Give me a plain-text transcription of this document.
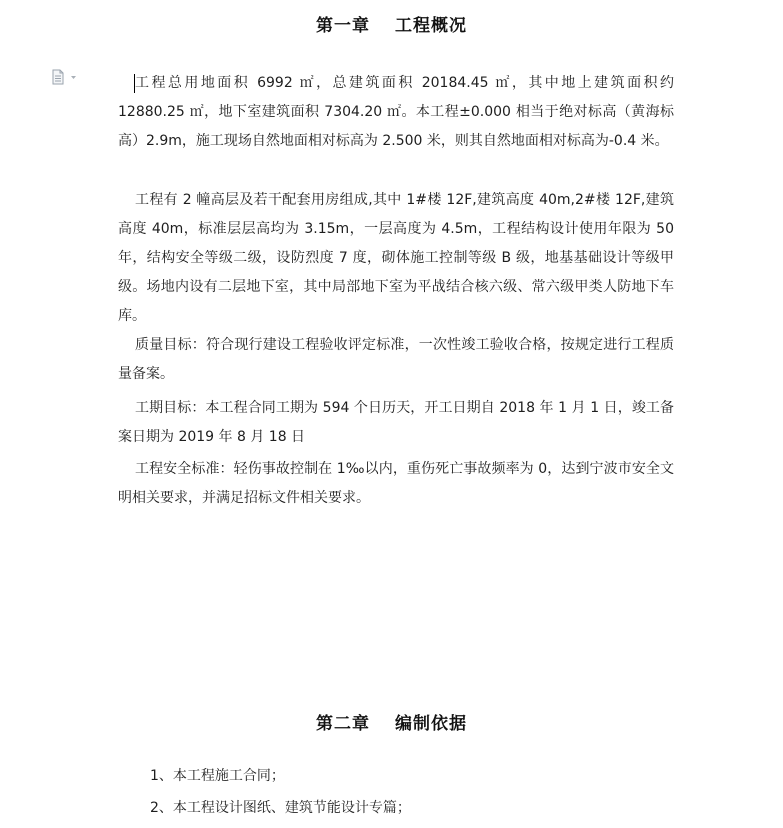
第一章　 工程概况

工程总用地面积 6992 ㎡，总建筑面积 20184.45 ㎡，其中地上建筑面积约 12880.25 ㎡，地下室建筑面积 7304.20 ㎡。本工程±0.000 相当于绝对标高（黄海标高）2.9m，施工现场自然地面相对标高为 2.500 米，则其自然地面相对标高为-0.4 米。

工程有 2 幢高层及若干配套用房组成,其中 1#楼 12F,建筑高度 40m,2#楼 12F,建筑高度 40m，标准层层高均为 3.15m，一层高度为 4.5m，工程结构设计使用年限为 50 年，结构安全等级二级，设防烈度 7 度，砌体施工控制等级 B 级，地基基础设计等级甲级。场地内设有二层地下室，其中局部地下室为平战结合核六级、常六级甲类人防地下车库。

质量目标：符合现行建设工程验收评定标准，一次性竣工验收合格，按规定进行工程质量备案。

工期目标：本工程合同工期为 594 个日历天，开工日期自 2018 年 1 月 1 日，竣工备案日期为 2019 年 8 月 18 日

工程安全标准：轻伤事故控制在 1‰以内，重伤死亡事故频率为 0，达到宁波市安全文明相关要求，并满足招标文件相关要求。

第二章　 编制依据
1、本工程施工合同；
2、本工程设计图纸、建筑节能设计专篇；
